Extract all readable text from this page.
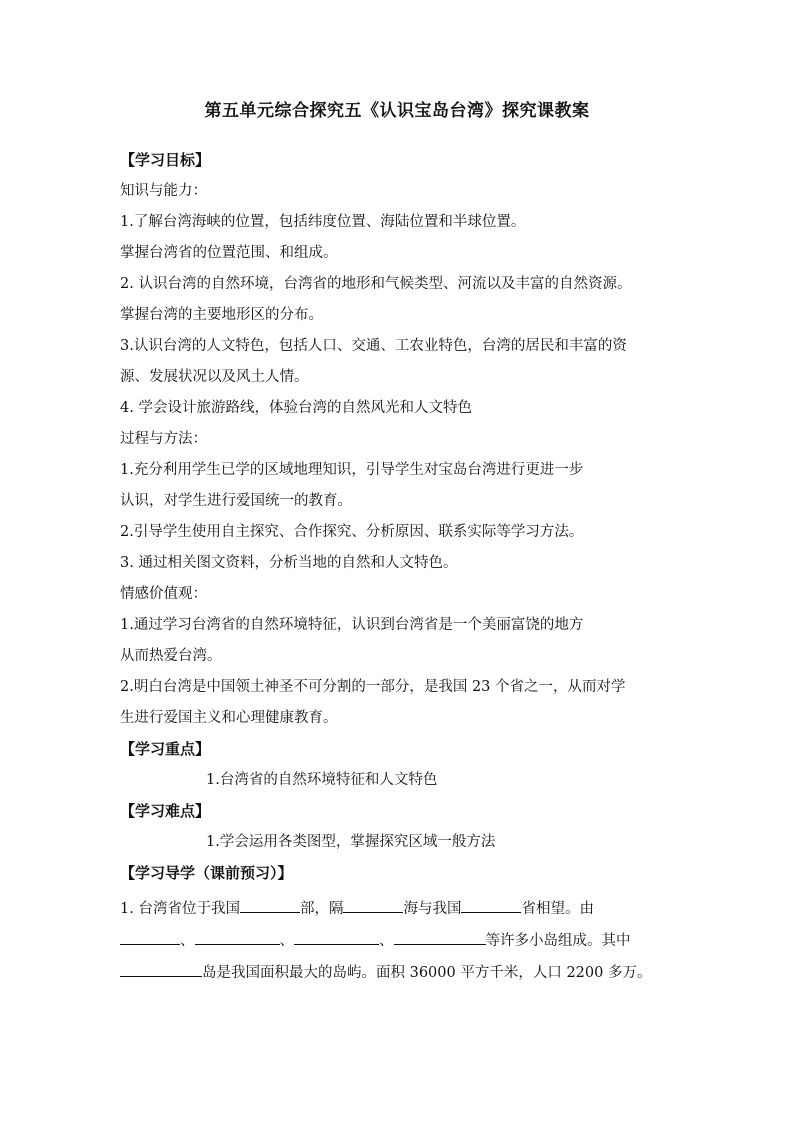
第五单元综合探究五《认识宝岛台湾》探究课教案
【学习目标】
知识与能力：
1.了解台湾海峡的位置，包括纬度位置、海陆位置和半球位置。
掌握台湾省的位置范围、和组成。
2. 认识台湾的自然环境，台湾省的地形和气候类型、河流以及丰富的自然资源。
掌握台湾的主要地形区的分布。
3.认识台湾的人文特色，包括人口、交通、工农业特色，台湾的居民和丰富的资
源、发展状况以及风土人情。
4. 学会设计旅游路线，体验台湾的自然风光和人文特色
过程与方法：
1.充分利用学生已学的区域地理知识，引导学生对宝岛台湾进行更进一步
认识，对学生进行爱国统一的教育。
2.引导学生使用自主探究、合作探究、分析原因、联系实际等学习方法。
3. 通过相关图文资料，分析当地的自然和人文特色。
情感价值观：
1.通过学习台湾省的自然环境特征，认识到台湾省是一个美丽富饶的地方
从而热爱台湾。
2.明白台湾是中国领土神圣不可分割的一部分，是我国 23 个省之一，从而对学
生进行爱国主义和心理健康教育。
【学习重点】
1.台湾省的自然环境特征和人文特色
【学习难点】
1.学会运用各类图型，掌握探究区域一般方法
【学习导学（课前预习）】
1. 台湾省位于我国	部，隔	海与我国	省相望。由
、	、	、	等许多小岛组成。其中
岛是我国面积最大的岛屿。面积 36000 平方千米，人口 2200 多万。
